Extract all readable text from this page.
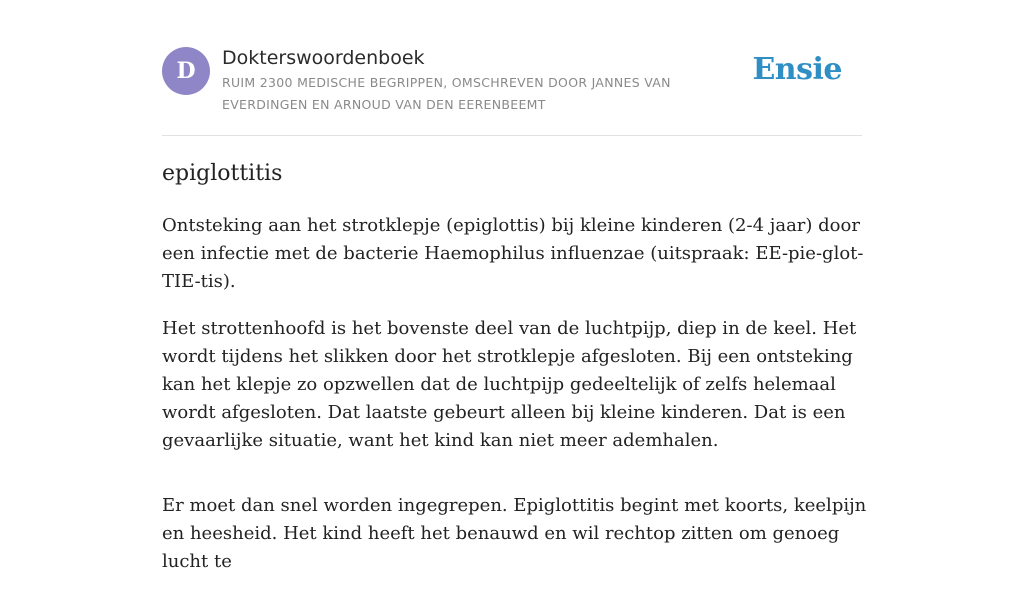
D	Dokterswoordenboek
RUIM 2300 MEDISCHE BEGRIPPEN, OMSCHREVEN DOOR JANNES VAN EVERDINGEN EN ARNOUD VAN DEN EERENBEEMT
Ensie
epiglottitis

Ontsteking aan het strotklepje (epiglottis) bij kleine kinderen (2-4 jaar) door een infectie met de bacterie Haemophilus influenzae (uitspraak: EE-pie-glot-TIE-tis).

Het strottenhoofd is het bovenste deel van de luchtpijp, diep in de keel. Het wordt tijdens het slikken door het strotklepje afgesloten. Bij een ontsteking kan het klepje zo opzwellen dat de luchtpijp gedeeltelijk of zelfs helemaal wordt afgesloten. Dat laatste gebeurt alleen bij kleine kinderen. Dat is een gevaarlijke situatie, want het kind kan niet meer ademhalen.

Er moet dan snel worden ingegrepen. Epiglottitis begint met koorts, keelpijn en heesheid. Het kind heeft het benauwd en wil rechtop zitten om genoeg lucht te
